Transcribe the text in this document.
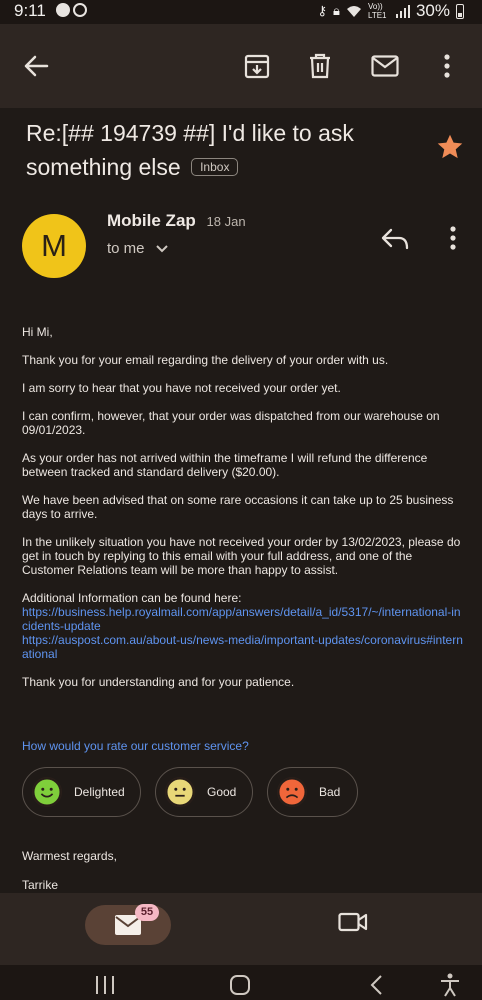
9:11	⚷ 🔒︎	Vo)) LTE1 30%
Re:[## 194739 ##] I'd like to ask something else Inbox
M
Mobile Zap 18 Jan
to me

Hi Mi,

Thank you for your email regarding the delivery of your order with us.

I am sorry to hear that you have not received your order yet.

I can confirm, however, that your order was dispatched from our warehouse on 09/01/2023.

As your order has not arrived within the timeframe I will refund the difference between tracked and standard delivery ($20.00).

We have been advised that on some rare occasions it can take up to 25 business days to arrive.

In the unlikely situation you have not received your order by 13/02/2023, please do get in touch by replying to this email with your full address, and one of the Customer Relations team will be more than happy to assist.

Additional Information can be found here:

https://business.help.royalmail.com/app/answers/detail/a_id/5317/~/international-incidents-update
https://auspost.com.au/about-us/news-media/important-updates/coronavirus#international

Thank you for understanding and for your patience.

How would you rate our customer service?
Delighted	Good	Bad
Warmest regards,
Tarrike
55
